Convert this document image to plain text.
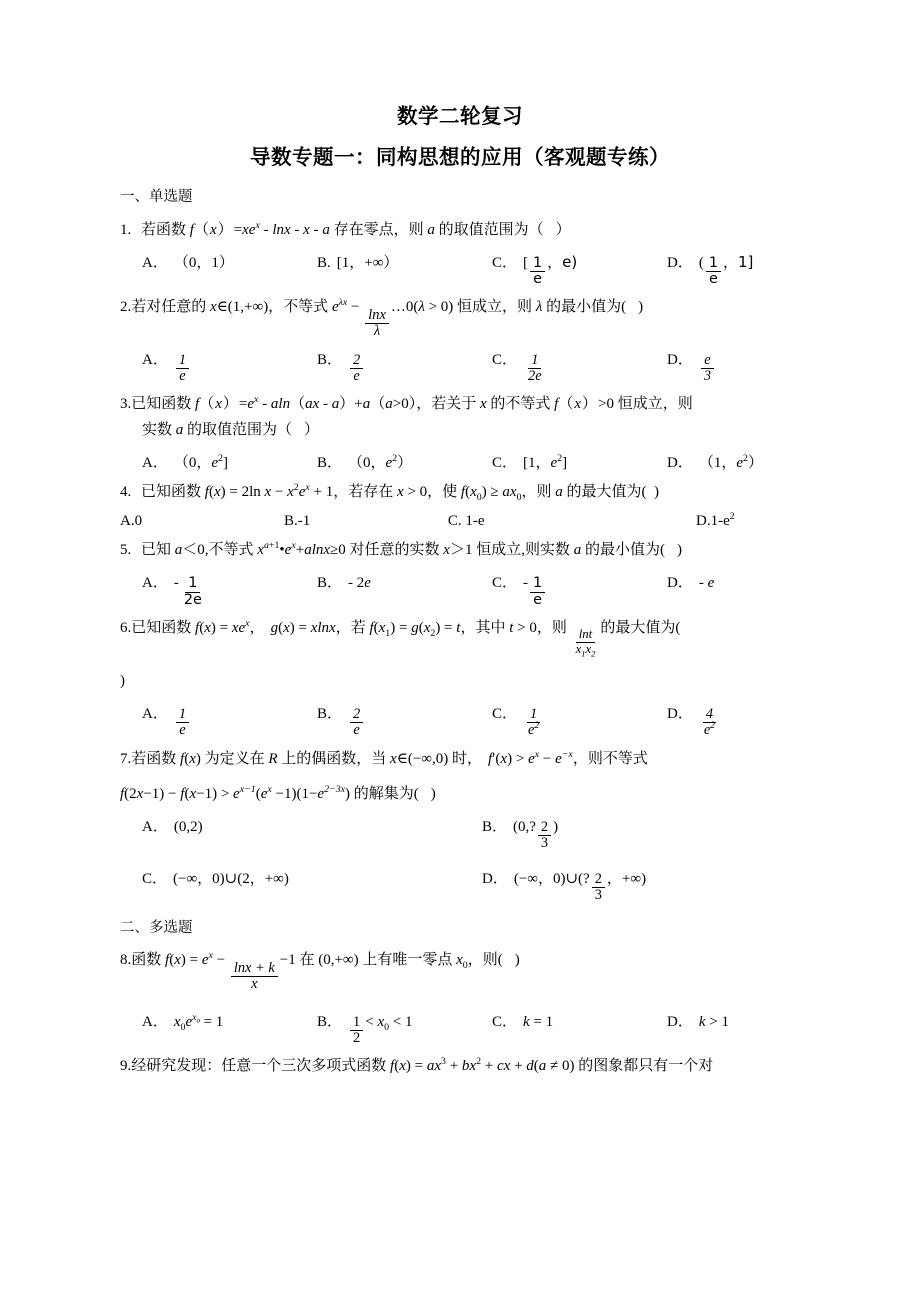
数学二轮复习
导数专题一：同构思想的应用（客观题专练）
一、单选题
1. 若函数 $f(x)=xe^x - \ln x - x - a$ 存在零点，则 a 的取值范围为（ ）
A． （0，1）	B. [1，+∞）	C． [ $\frac{1}{e}$ ，e)	D． ( $\frac{1}{e}$ ，1]
2.若对任意的 x∈(1,+∞)，不等式 $e^{\lambda x}$ −
$\frac{\ln x}{\lambda}$
…0(λ > 0) 恒成立，则 λ 的最小值为( )
A． $\frac{1}{e}$	B． $\frac{2}{e}$	C． $\frac{1}{2e}$	D． $\frac{e}{3}$
3.已知函数 $f(x)=e^x - aln(ax - a)+a(a>0)$，若关于 x 的不等式 f（x）>0 恒成立，则
实数 a 的取值范围为（ ）
A． （0，$e^2$]	B． （0，$e^2$）	C． [1，$e^2$]	D． （1，$e^2$）
4. 已知函数 f(x) = 2ln $x - x^2e^x + 1$，若存在 x > 0，使 $f(x_0) \ge ax_0$，则 a 的最大值为(  )
A.0	B.-1	C. 1-e	$D.1-e^2$
5. 已知 a＜0,不等式 $x^{a+1}•e^x+alnx\ge 0$ 对任意的实数 x＞1 恒成立,则实数 a 的最小值为( )
A． - $\frac{1}{2e}$	B． - 2e	C． - $\frac{1}{e}$	D． - e
6.已知函数 $f(x) = xe^x$， g(x) = xlnx，若 $f(x_1) = g(x_2) = t$，其中 t > 0，则
$\frac{\ln t}{x_1x_2}$
的最大值为(
)
A． $\frac{1}{e}$	B． $\frac{2}{e}$	C． $\frac{1}{e^2}$	D． $\frac{4}{e^2}$
7.若函数 f(x) 为定义在 R 上的偶函数，当 x∈(−∞,0) 时， $f'(x) > e^x - e^{-x}$，则不等式
$f(2x-1) - f(x-1) > e^{x-1}(e^x -1)(1-e^{2-3x})$ 的解集为( )
A． (0,2)	B． (0,? $\frac{2}{3}$ )
C． (−∞，0)∪(2，+∞)	D． (−∞，0)∪(? $\frac{2}{3}$ ，+∞)
二、多选题
8.函数 $f(x) = e^x$ −
$\frac{\ln x + k}{x}$
−1 在 (0,+∞) 上有唯一零点 $x_0$，则( )
A． $x_0e^{x_0} = 1$	B． $\frac{1}{2} < x_0 < 1$	C． k = 1	D． k > 1
9.经研究发现：任意一个三次多项式函数 $f(x) = ax^3 + bx^2$ + cx + d(a ≠ 0) 的图象都只有一个对
